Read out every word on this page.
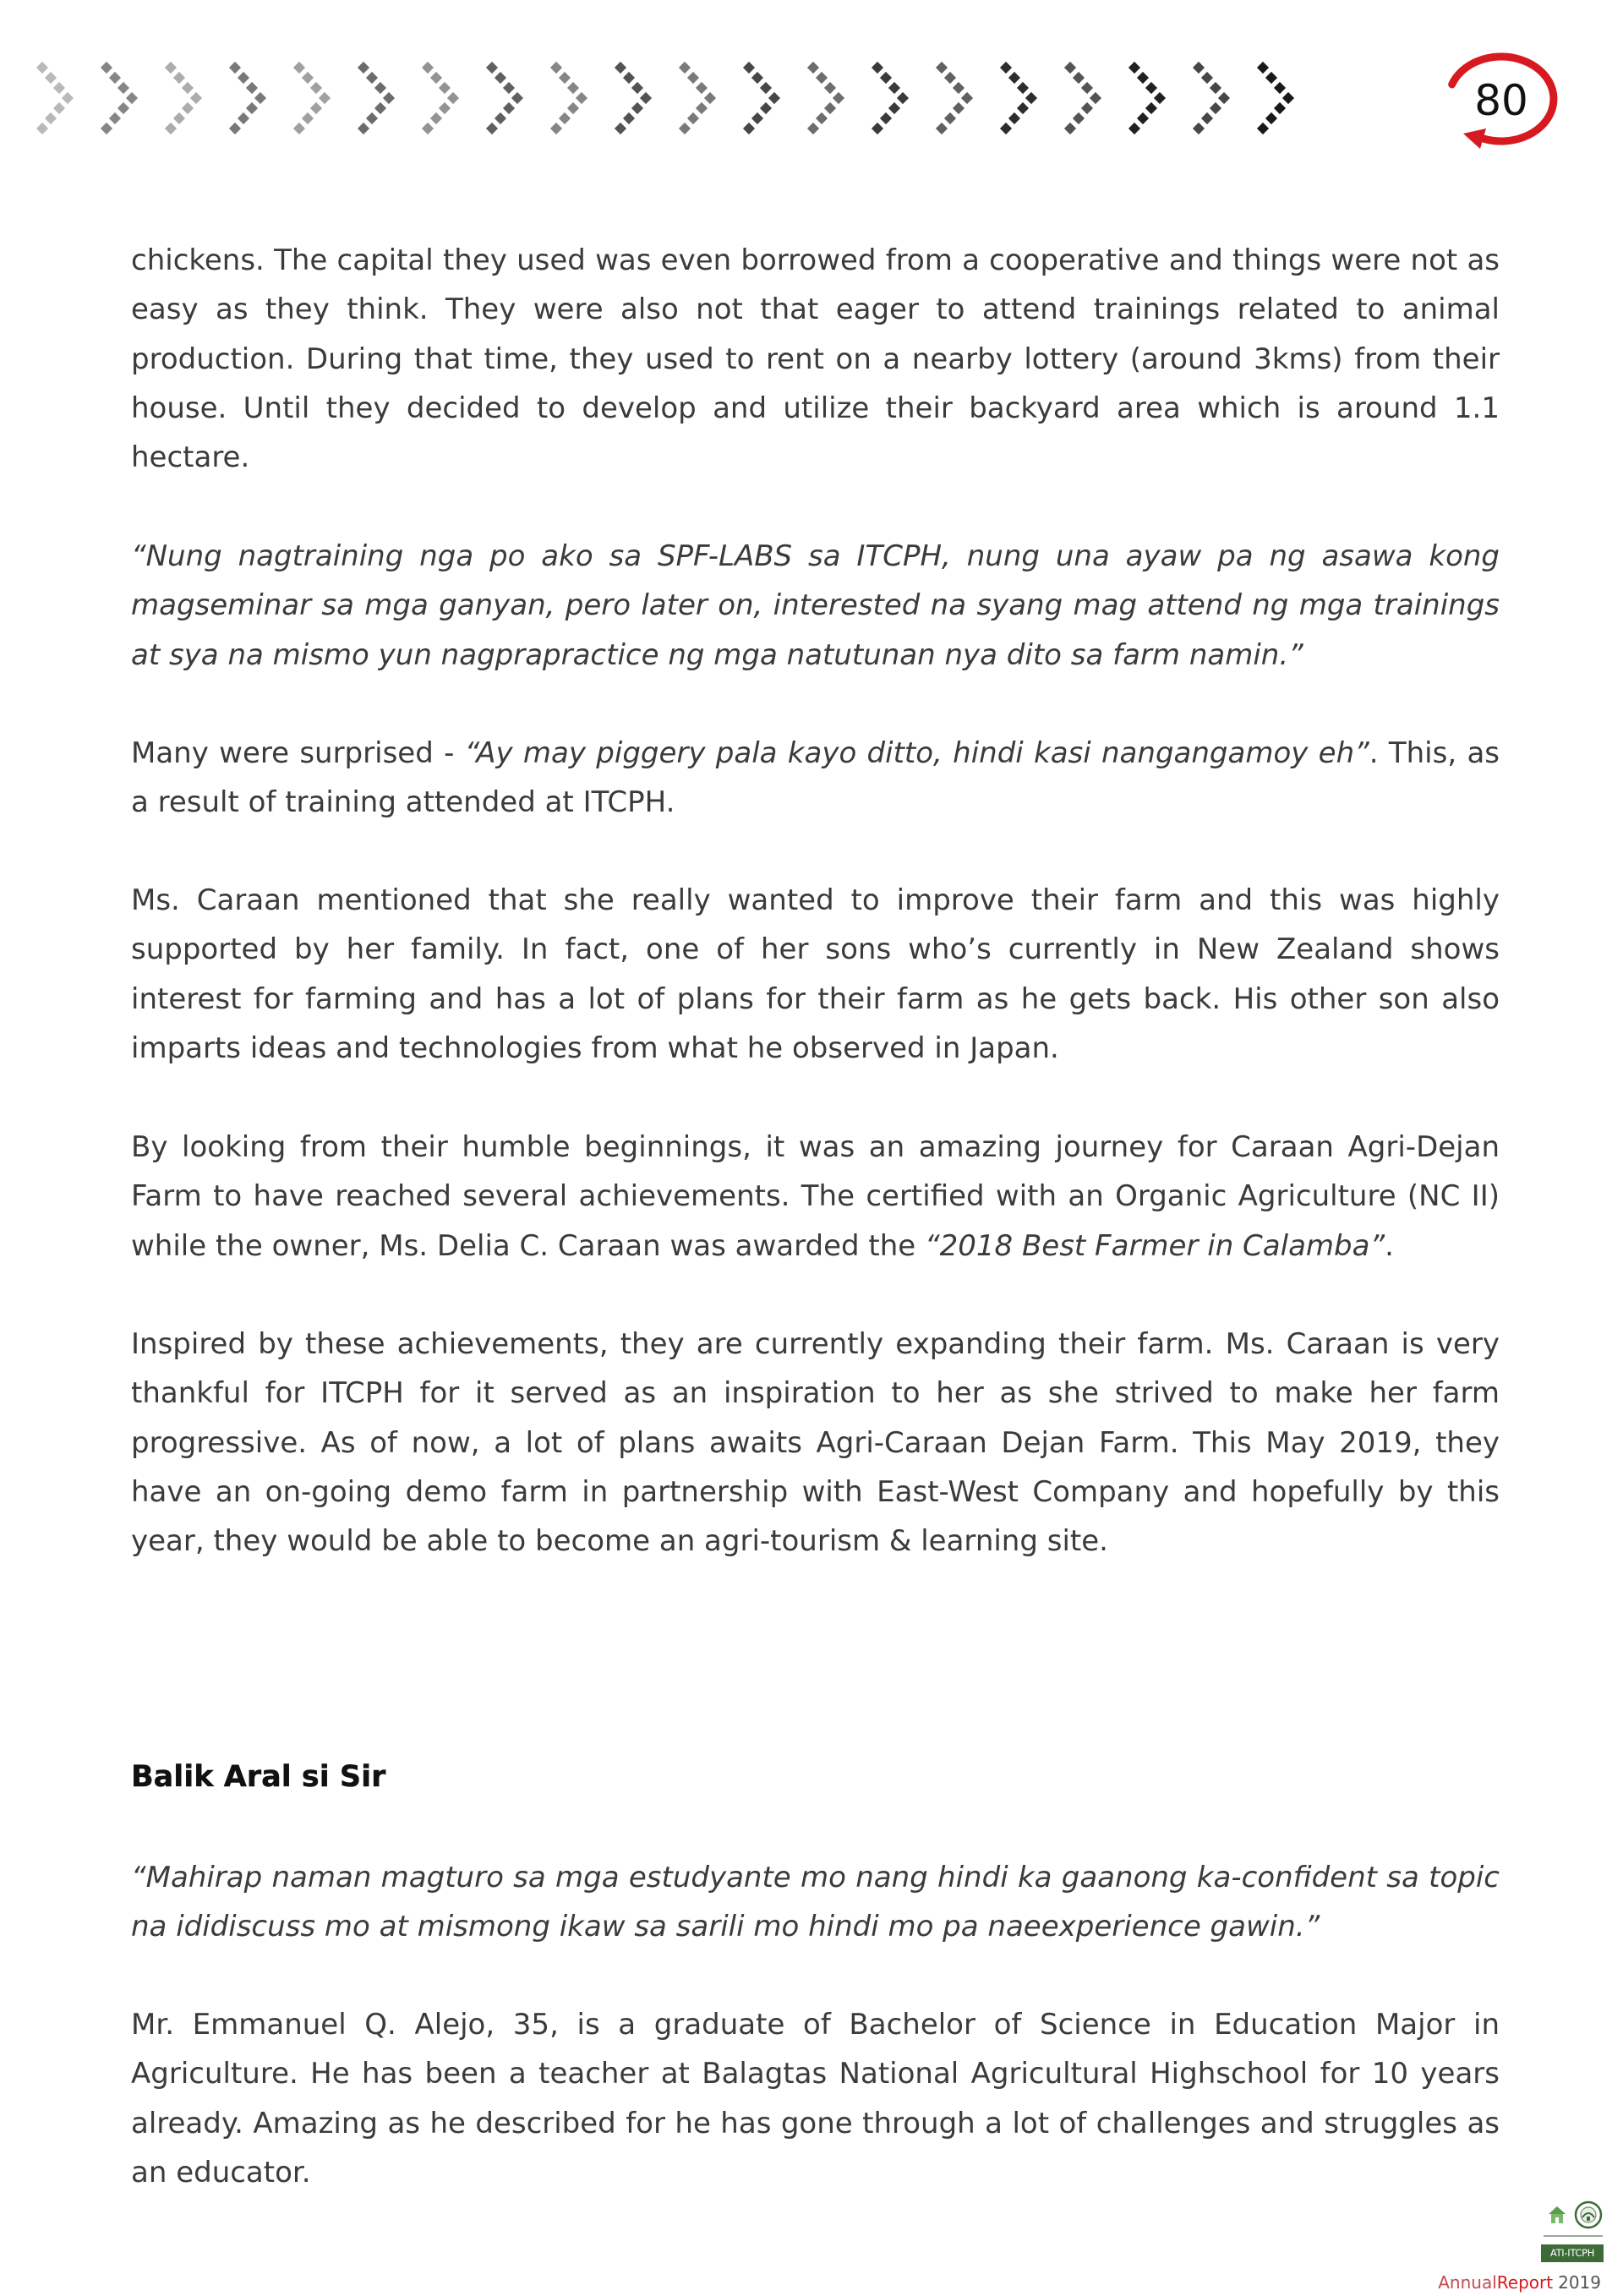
80

chickens. The capital they used was even borrowed from a cooperative and things were not as easy as they think. They were also not that eager to attend trainings related to animal production. During that time, they used to rent on a nearby lottery (around 3kms) from their house. Until they decided to develop and utilize their backyard area which is around 1.1 hectare.

“Nung nagtraining nga po ako sa SPF-LABS sa ITCPH, nung una ayaw pa ng asawa kong magseminar sa mga ganyan, pero later on, interested na syang mag attend ng mga trainings at sya na mismo yun nagprapractice ng mga natutunan nya dito sa farm namin.”

Many were surprised - “Ay may piggery pala kayo ditto, hindi kasi nangangamoy eh”. This, as a result of training attended at ITCPH.

Ms. Caraan mentioned that she really wanted to improve their farm and this was highly supported by her family. In fact, one of her sons who’s currently in New Zealand shows interest for farming and has a lot of plans for their farm as he gets back. His other son also imparts ideas and technologies from what he observed in Japan.

By looking from their humble beginnings, it was an amazing journey for Caraan Agri-Dejan Farm to have reached several achievements. The certified with an Organic Agriculture (NC II) while the owner, Ms. Delia C. Caraan was awarded the “2018 Best Farmer in Calamba”.

Inspired by these achievements, they are currently expanding their farm. Ms. Caraan is very thankful for ITCPH for it served as an inspiration to her as she strived to make her farm progressive. As of now, a lot of plans awaits Agri-Caraan Dejan Farm. This May 2019, they have an on-going demo farm in partnership with East-West Company and hopefully by this year, they would be able to become an agri-tourism & learning site.

Balik Aral si Sir

“Mahirap naman magturo sa mga estudyante mo nang hindi ka gaanong ka-confident sa topic na ididiscuss mo at mismong ikaw sa sarili mo hindi mo pa naeexperience gawin.”

Mr. Emmanuel Q. Alejo, 35, is a graduate of Bachelor of Science in Education Major in Agriculture. He has been a teacher at Balagtas National Agricultural Highschool for 10 years already. Amazing as he described for he has gone through a lot of challenges and struggles as an educator.

ATI-ITCPH
AnnualReport 2019
